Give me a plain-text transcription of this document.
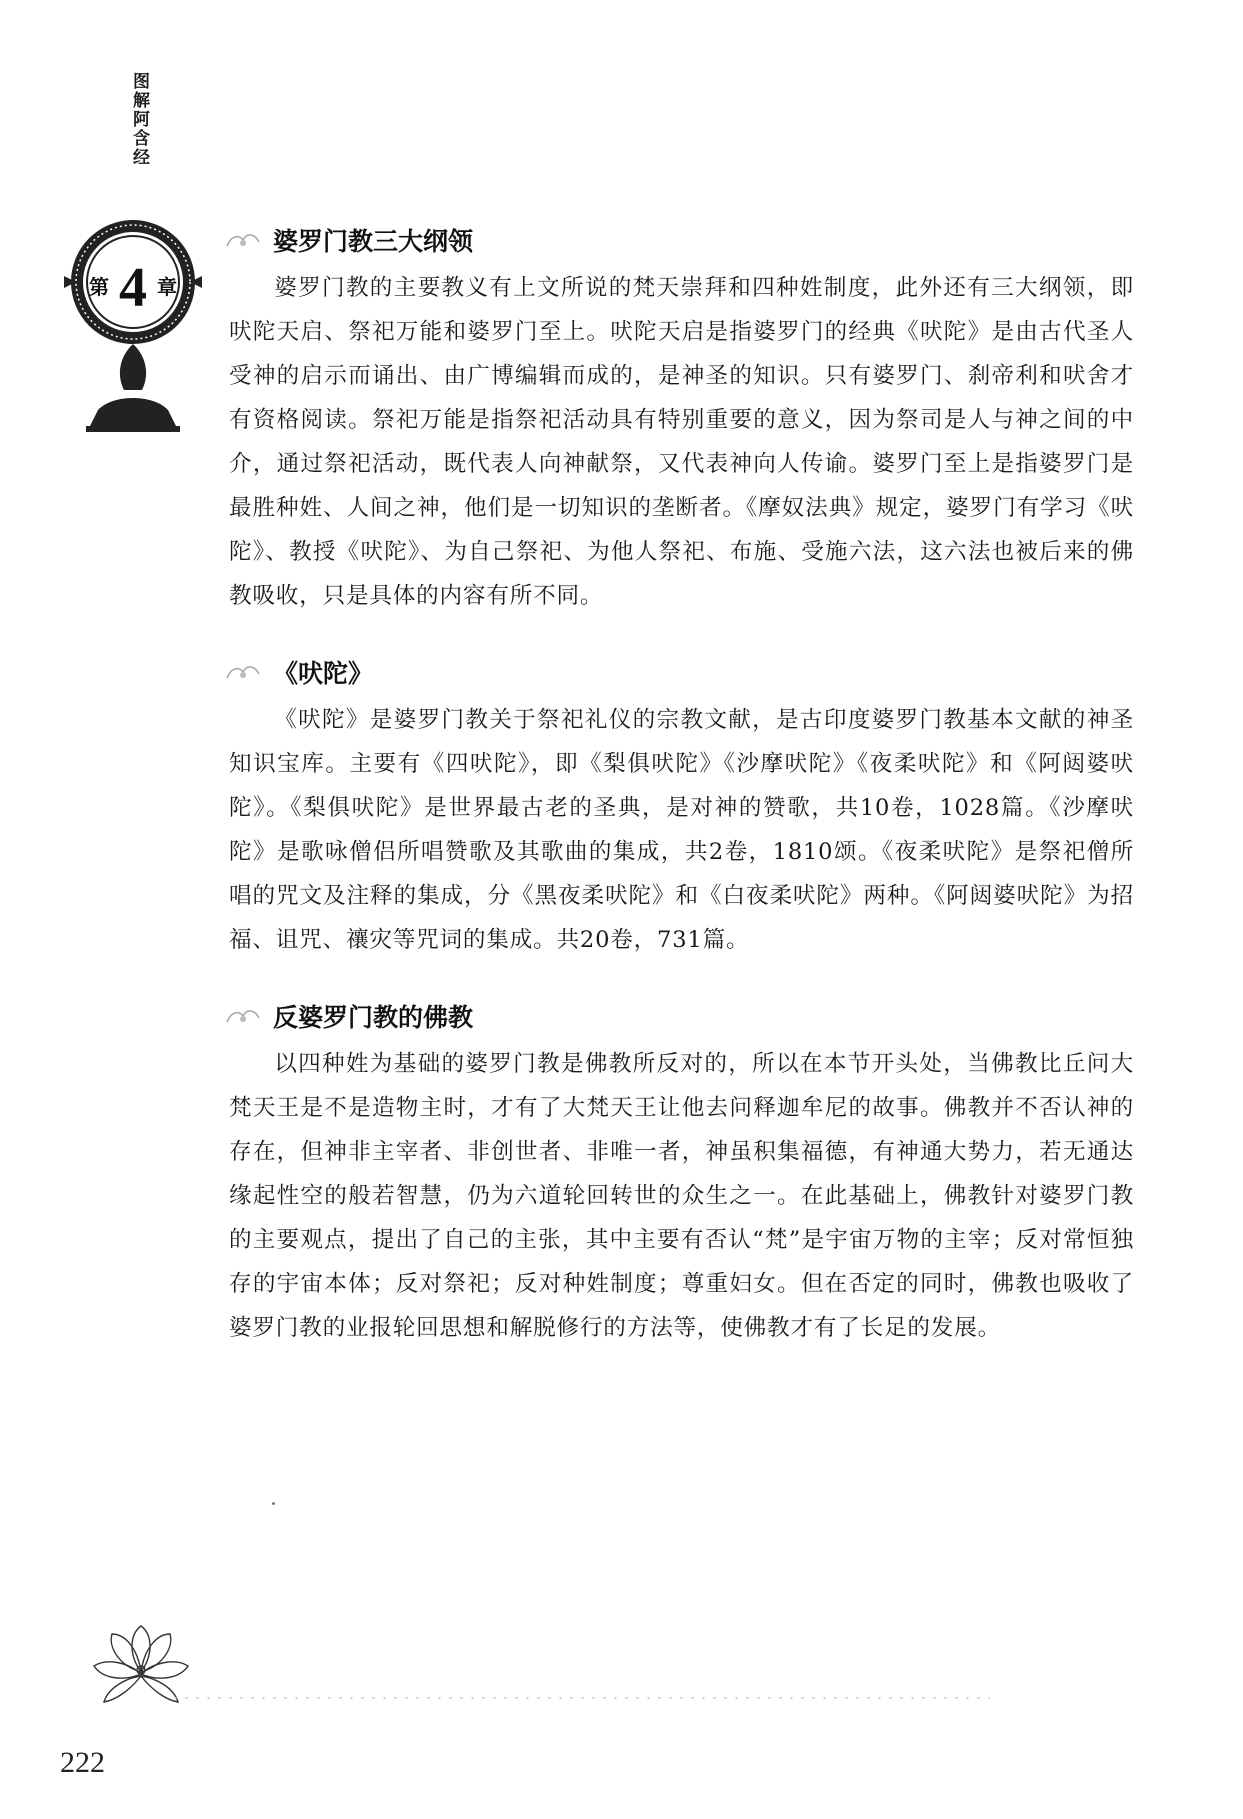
图解阿含经
第 4 章
婆罗门教三大纲领

婆罗门教的主要教义有上文所说的梵天崇拜和四种姓制度，此外还有三大纲领，即吠陀天启、祭祀万能和婆罗门至上。吠陀天启是指婆罗门的经典《吠陀》是由古代圣人受神的启示而诵出、由广博编辑而成的，是神圣的知识。只有婆罗门、刹帝利和吠舍才有资格阅读。祭祀万能是指祭祀活动具有特别重要的意义，因为祭司是人与神之间的中介，通过祭祀活动，既代表人向神献祭，又代表神向人传谕。婆罗门至上是指婆罗门是最胜种姓、人间之神，他们是一切知识的垄断者。《摩奴法典》规定，婆罗门有学习《吠陀》、教授《吠陀》、为自己祭祀、为他人祭祀、布施、受施六法，这六法也被后来的佛教吸收，只是具体的内容有所不同。

《吠陀》

《吠陀》是婆罗门教关于祭祀礼仪的宗教文献，是古印度婆罗门教基本文献的神圣知识宝库。主要有《四吠陀》，即《梨俱吠陀》《沙摩吠陀》《夜柔吠陀》和《阿闼婆吠陀》。《梨俱吠陀》是世界最古老的圣典，是对神的赞歌，共10卷，1028篇。《沙摩吠陀》是歌咏僧侣所唱赞歌及其歌曲的集成，共2卷，1810颂。《夜柔吠陀》是祭祀僧所唱的咒文及注释的集成，分《黑夜柔吠陀》和《白夜柔吠陀》两种。《阿闼婆吠陀》为招福、诅咒、禳灾等咒词的集成。共20卷，731篇。

反婆罗门教的佛教

以四种姓为基础的婆罗门教是佛教所反对的，所以在本节开头处，当佛教比丘问大梵天王是不是造物主时，才有了大梵天王让他去问释迦牟尼的故事。佛教并不否认神的存在，但神非主宰者、非创世者、非唯一者，神虽积集福德，有神通大势力，若无通达缘起性空的般若智慧，仍为六道轮回转世的众生之一。在此基础上，佛教针对婆罗门教的主要观点，提出了自己的主张，其中主要有否认“梵”是宇宙万物的主宰；反对常恒独存的宇宙本体；反对祭祀；反对种姓制度；尊重妇女。但在否定的同时，佛教也吸收了婆罗门教的业报轮回思想和解脱修行的方法等，使佛教才有了长足的发展。

222
